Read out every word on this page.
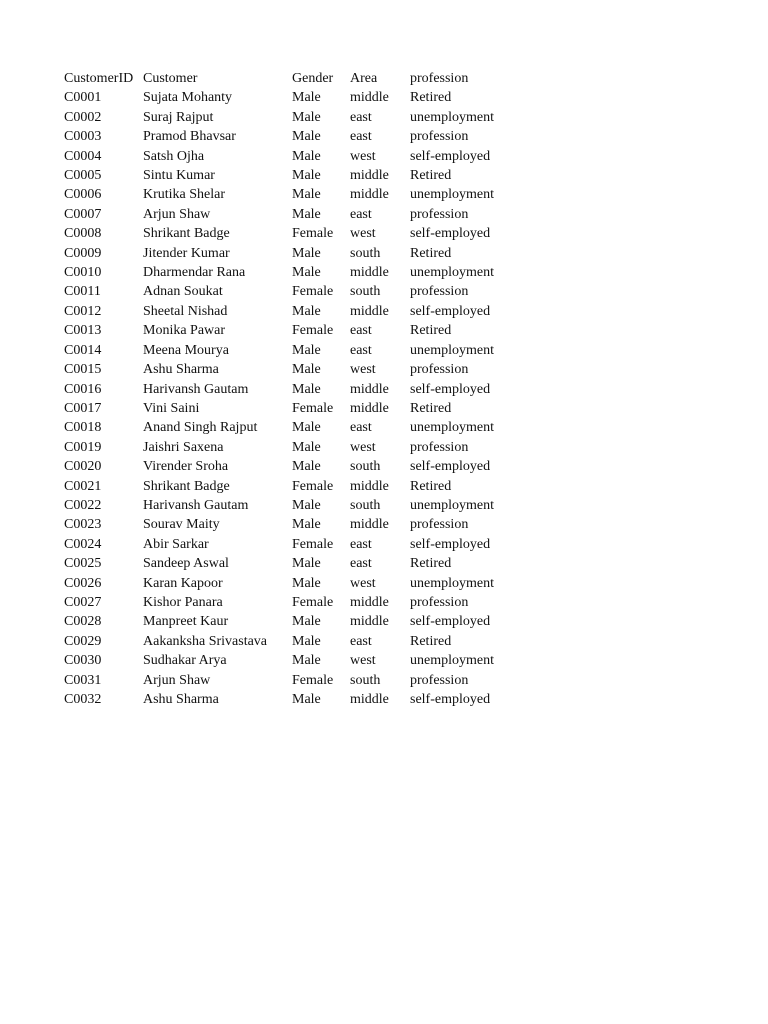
CustomerID	Customer	Gender	Area	profession
C0001	Sujata Mohanty	Male	middle	Retired
C0002	Suraj Rajput	Male	east	unemployment
C0003	Pramod Bhavsar	Male	east	profession
C0004	Satsh Ojha	Male	west	self-employed
C0005	Sintu Kumar	Male	middle	Retired
C0006	Krutika Shelar	Male	middle	unemployment
C0007	Arjun Shaw	Male	east	profession
C0008	Shrikant Badge	Female	west	self-employed
C0009	Jitender Kumar	Male	south	Retired
C0010	Dharmendar Rana	Male	middle	unemployment
C0011	Adnan Soukat	Female	south	profession
C0012	Sheetal Nishad	Male	middle	self-employed
C0013	Monika Pawar	Female	east	Retired
C0014	Meena Mourya	Male	east	unemployment
C0015	Ashu Sharma	Male	west	profession
C0016	Harivansh Gautam	Male	middle	self-employed
C0017	Vini Saini	Female	middle	Retired
C0018	Anand Singh Rajput	Male	east	unemployment
C0019	Jaishri Saxena	Male	west	profession
C0020	Virender Sroha	Male	south	self-employed
C0021	Shrikant Badge	Female	middle	Retired
C0022	Harivansh Gautam	Male	south	unemployment
C0023	Sourav Maity	Male	middle	profession
C0024	Abir Sarkar	Female	east	self-employed
C0025	Sandeep Aswal	Male	east	Retired
C0026	Karan Kapoor	Male	west	unemployment
C0027	Kishor Panara	Female	middle	profession
C0028	Manpreet Kaur	Male	middle	self-employed
C0029	Aakanksha Srivastava	Male	east	Retired
C0030	Sudhakar Arya	Male	west	unemployment
C0031	Arjun Shaw	Female	south	profession
C0032	Ashu Sharma	Male	middle	self-employed
